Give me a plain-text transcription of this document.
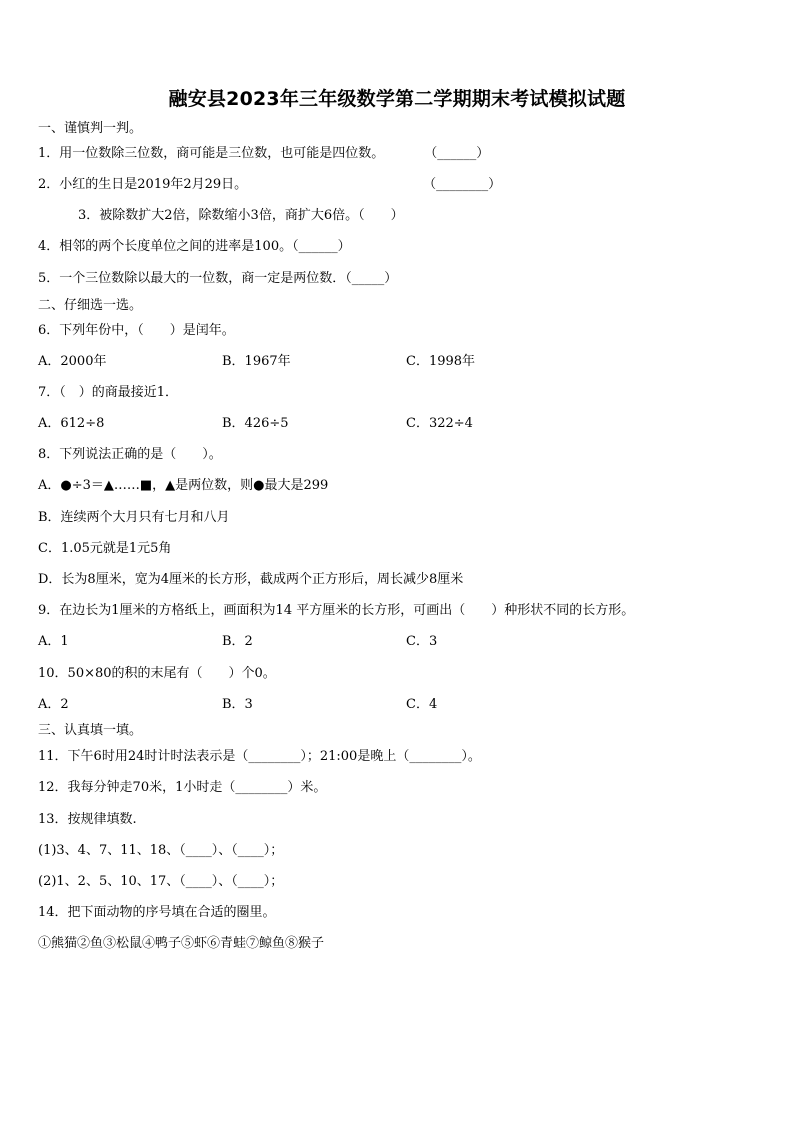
融安县2023年三年级数学第二学期期末考试模拟试题
一、谨慎判一判。
1．用一位数除三位数，商可能是三位数，也可能是四位数。	（______）
2．小红的生日是2019年2月29日。	（________）
3．被除数扩大2倍，除数缩小3倍，商扩大6倍。（　　）
4．相邻的两个长度单位之间的进率是100。（______）
5．一个三位数除以最大的一位数，商一定是两位数．（_____）
二、仔细选一选。
6．下列年份中，（　　）是闰年。
A．2000年	B．1967年	C．1998年
7．（　）的商最接近1．
A．612÷8	B．426÷5	C．322÷4
8．下列说法正确的是（　　）。
A．●÷3＝▲……■，▲是两位数，则●最大是299
B．连续两个大月只有七月和八月
C．1.05元就是1元5角
D．长为8厘米，宽为4厘米的长方形，截成两个正方形后，周长减少8厘米
9．在边长为1厘米的方格纸上，画面积为14 平方厘米的长方形，可画出（　　）种形状不同的长方形。
A．1	B．2	C．3
10．50×80的积的末尾有（　　）个0。
A．2	B．3	C．4
三、认真填一填。
11．下午6时用24时计时法表示是（________）；21:00是晚上（________）。
12．我每分钟走70米，1小时走（________）米。
13．按规律填数.
(1)3、4、7、11、18、（____）、（____）；
(2)1、2、5、10、17、（____）、（____）；
14．把下面动物的序号填在合适的圈里。
①熊猫②鱼③松鼠④鸭子⑤虾⑥青蛙⑦鲸鱼⑧猴子
